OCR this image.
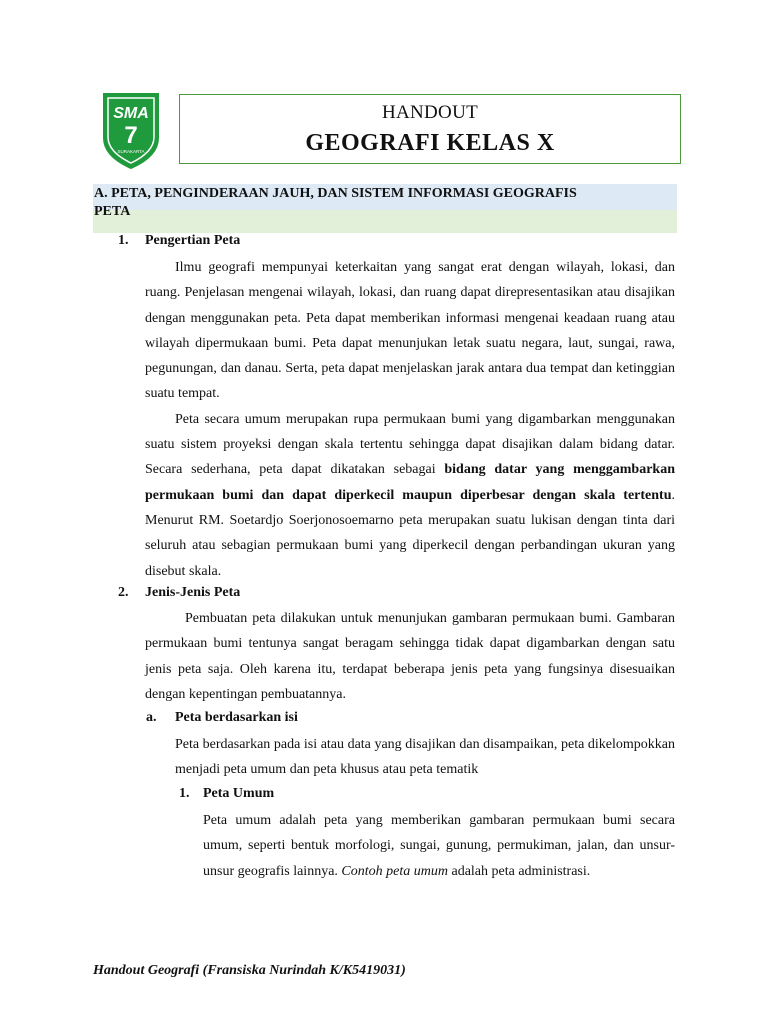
SMA
7
SURAKARTA
HANDOUT
GEOGRAFI KELAS X
A. PETA, PENGINDERAAN JAUH, DAN SISTEM INFORMASI GEOGRAFIS
PETA
1. Pengertian Peta

Ilmu geografi mempunyai keterkaitan yang sangat erat dengan wilayah, lokasi, dan ruang. Penjelasan mengenai wilayah, lokasi, dan ruang dapat direpresentasikan atau disajikan dengan menggunakan peta. Peta dapat memberikan informasi mengenai keadaan ruang atau wilayah dipermukaan bumi. Peta dapat menunjukan letak suatu negara, laut, sungai, rawa, pegunungan, dan danau. Serta, peta dapat menjelaskan jarak antara dua tempat dan ketinggian suatu tempat.

Peta secara umum merupakan rupa permukaan bumi yang digambarkan menggunakan suatu sistem proyeksi dengan skala tertentu sehingga dapat disajikan dalam bidang datar. Secara sederhana, peta dapat dikatakan sebagai bidang datar yang menggambarkan permukaan bumi dan dapat diperkecil maupun diperbesar dengan skala tertentu. Menurut RM. Soetardjo Soerjonosoemarno peta merupakan suatu lukisan dengan tinta dari seluruh atau sebagian permukaan bumi yang diperkecil dengan perbandingan ukuran yang disebut skala.

2. Jenis-Jenis Peta

Pembuatan peta dilakukan untuk menunjukan gambaran permukaan bumi. Gambaran permukaan bumi tentunya sangat beragam sehingga tidak dapat digambarkan dengan satu jenis peta saja. Oleh karena itu, terdapat beberapa jenis peta yang fungsinya disesuaikan dengan kepentingan pembuatannya.

a. Peta berdasarkan isi

Peta berdasarkan pada isi atau data yang disajikan dan disampaikan, peta dikelompokkan menjadi peta umum dan peta khusus atau peta tematik

1. Peta Umum

Peta umum adalah peta yang memberikan gambaran permukaan bumi secara umum, seperti bentuk morfologi, sungai, gunung, permukiman, jalan, dan unsur-unsur geografis lainnya. Contoh peta umum adalah peta administrasi.

Handout Geografi (Fransiska Nurindah K/K5419031)
